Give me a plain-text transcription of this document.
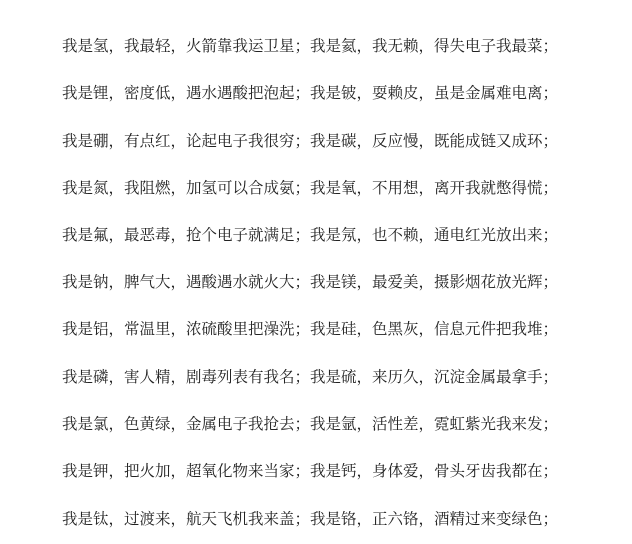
我是氢，我最轻，火箭靠我运卫星；我是氦，我无赖，得失电子我最菜；
我是锂，密度低，遇水遇酸把泡起；我是铍，耍赖皮，虽是金属难电离；
我是硼，有点红，论起电子我很穷；我是碳，反应慢，既能成链又成环；
我是氮，我阻燃，加氢可以合成氨；我是氧，不用想，离开我就憋得慌；
我是氟，最恶毒，抢个电子就满足；我是氖，也不赖，通电红光放出来；
我是钠，脾气大，遇酸遇水就火大；我是镁，最爱美，摄影烟花放光辉；
我是铝，常温里，浓硫酸里把澡洗；我是硅，色黑灰，信息元件把我堆；
我是磷，害人精，剧毒列表有我名；我是硫，来历久，沉淀金属最拿手；
我是氯，色黄绿，金属电子我抢去；我是氩，活性差，霓虹紫光我来发；
我是钾，把火加，超氧化物来当家；我是钙，身体爱，骨头牙齿我都在；
我是钛，过渡来，航天飞机我来盖；我是铬，正六铬，酒精过来变绿色；
